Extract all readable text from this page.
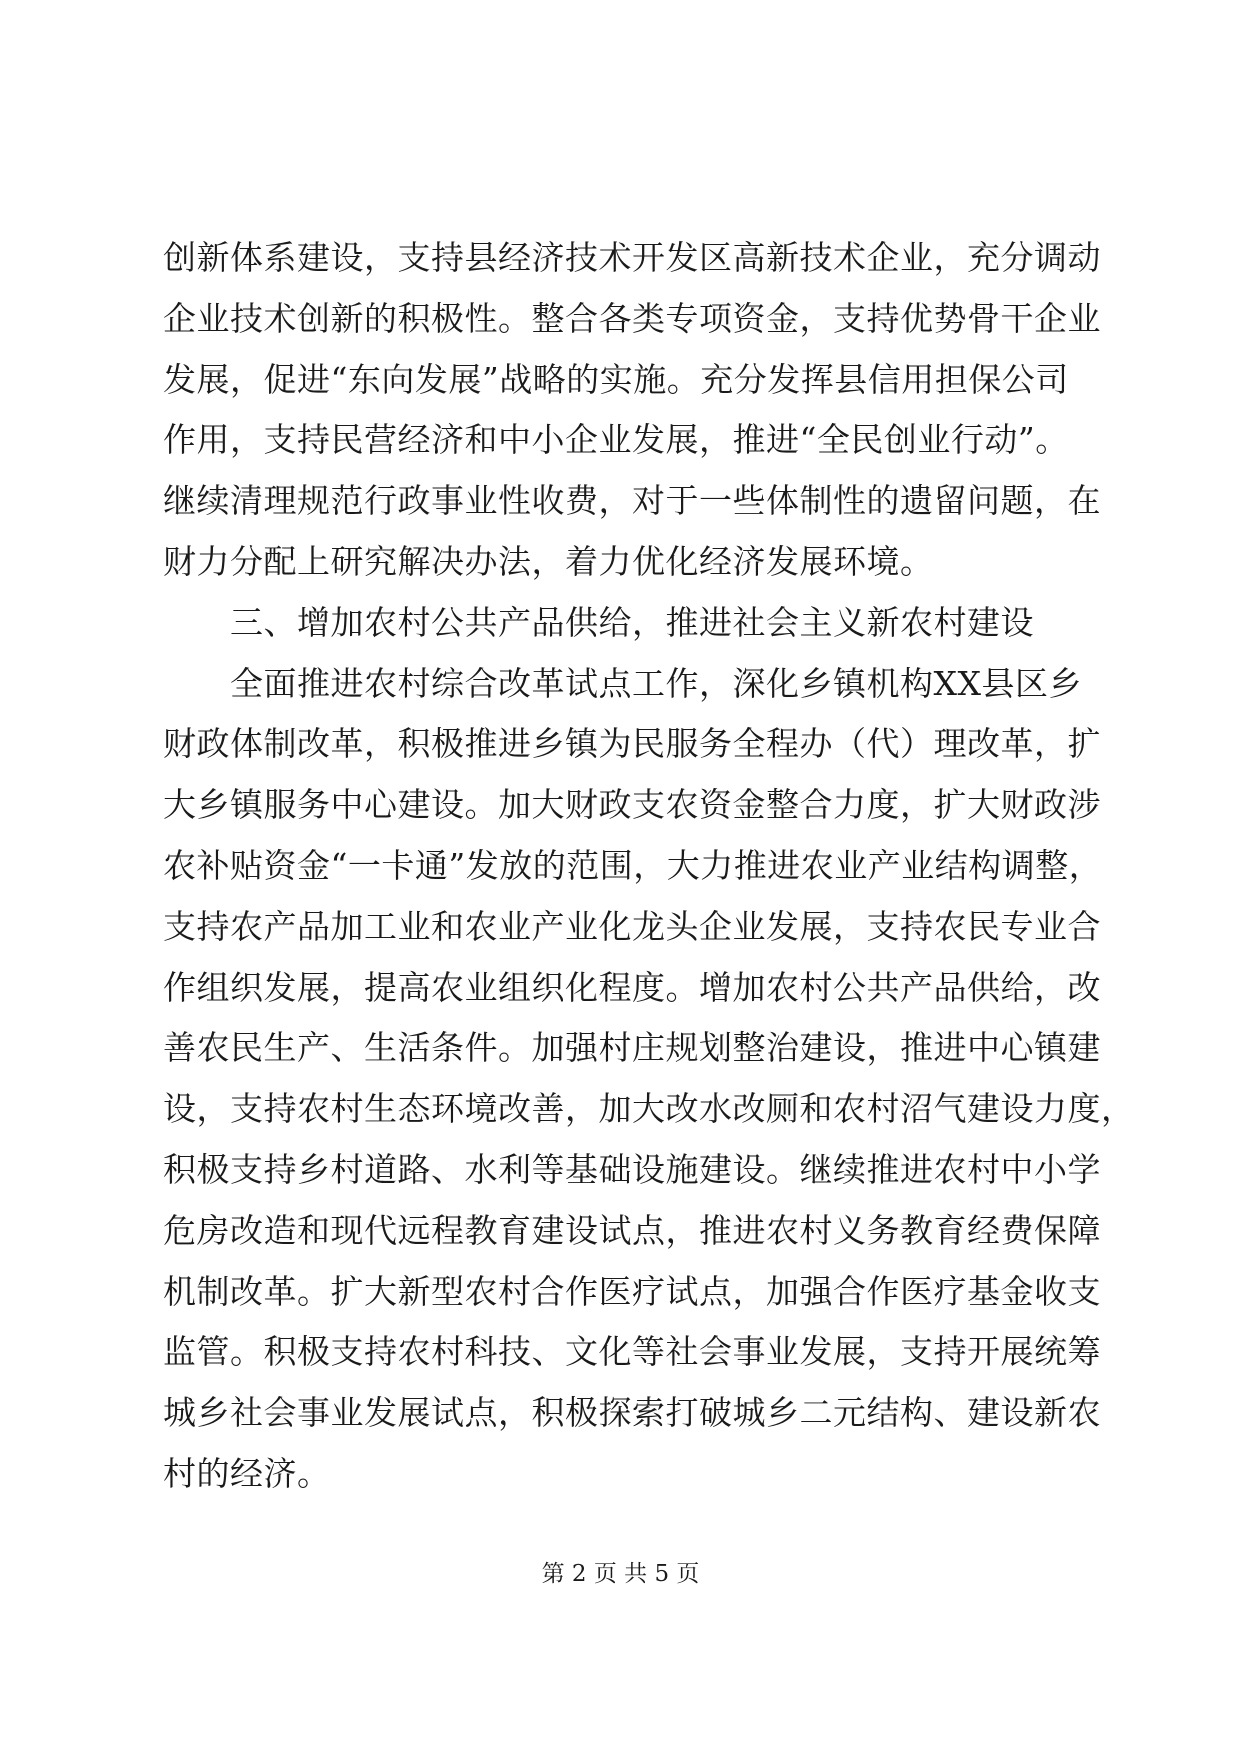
创新体系建设，支持县经济技术开发区高新技术企业，充分调动
企业技术创新的积极性。整合各类专项资金，支持优势骨干企业
发展，促进“东向发展”战略的实施。充分发挥县信用担保公司
作用，支持民营经济和中小企业发展，推进“全民创业行动”。
继续清理规范行政事业性收费，对于一些体制性的遗留问题，在
财力分配上研究解决办法，着力优化经济发展环境。
　　三、增加农村公共产品供给，推进社会主义新农村建设
　　全面推进农村综合改革试点工作，深化乡镇机构XX县区乡
财政体制改革，积极推进乡镇为民服务全程办（代）理改革，扩
大乡镇服务中心建设。加大财政支农资金整合力度，扩大财政涉
农补贴资金“一卡通”发放的范围，大力推进农业产业结构调整，
支持农产品加工业和农业产业化龙头企业发展，支持农民专业合
作组织发展，提高农业组织化程度。增加农村公共产品供给，改
善农民生产、生活条件。加强村庄规划整治建设，推进中心镇建
设，支持农村生态环境改善，加大改水改厕和农村沼气建设力度，
积极支持乡村道路、水利等基础设施建设。继续推进农村中小学
危房改造和现代远程教育建设试点，推进农村义务教育经费保障
机制改革。扩大新型农村合作医疗试点，加强合作医疗基金收支
监管。积极支持农村科技、文化等社会事业发展，支持开展统筹
城乡社会事业发展试点，积极探索打破城乡二元结构、建设新农
村的经济。
第 2 页 共 5 页
